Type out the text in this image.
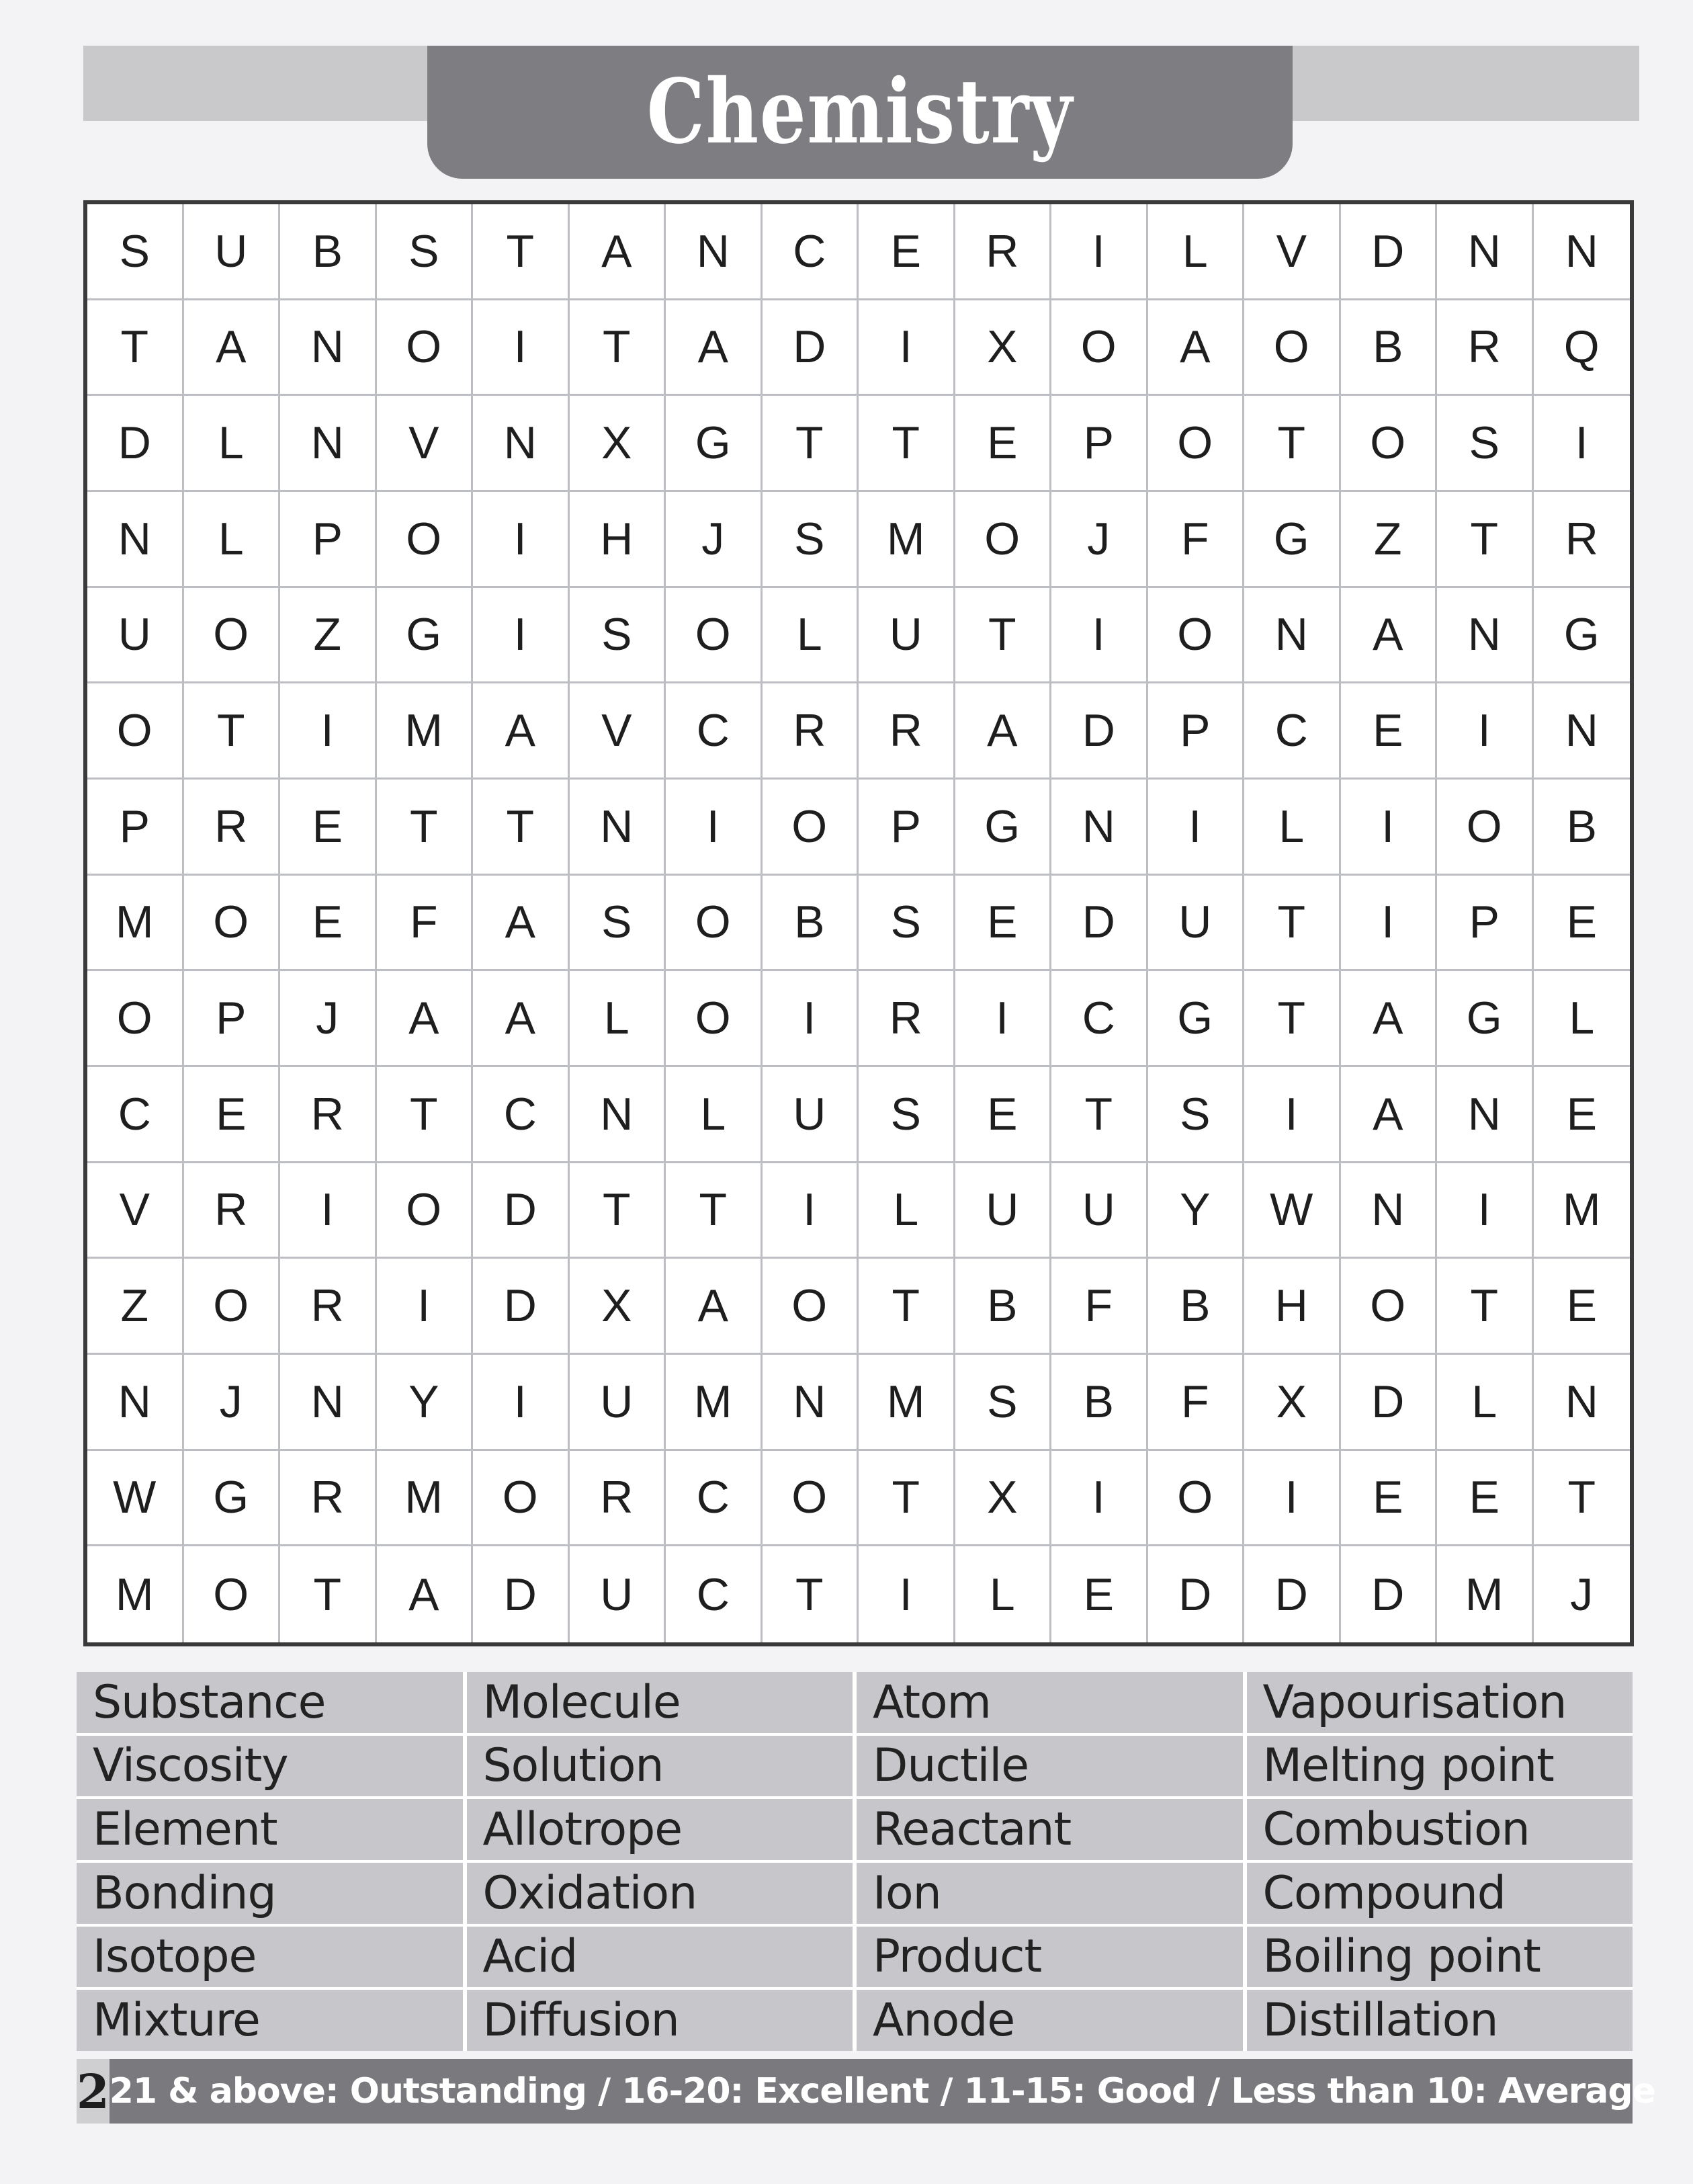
Chemistry
S	U	B	S	T	A	N	C	E	R	I	L	V	D	N	N
T	A	N	O	I	T	A	D	I	X	O	A	O	B	R	Q
D	L	N	V	N	X	G	T	T	E	P	O	T	O	S	I
N	L	P	O	I	H	J	S	M	O	J	F	G	Z	T	R
U	O	Z	G	I	S	O	L	U	T	I	O	N	A	N	G
O	T	I	M	A	V	C	R	R	A	D	P	C	E	I	N
P	R	E	T	T	N	I	O	P	G	N	I	L	I	O	B
M	O	E	F	A	S	O	B	S	E	D	U	T	I	P	E
O	P	J	A	A	L	O	I	R	I	C	G	T	A	G	L
C	E	R	T	C	N	L	U	S	E	T	S	I	A	N	E
V	R	I	O	D	T	T	I	L	U	U	Y	W	N	I	M
Z	O	R	I	D	X	A	O	T	B	F	B	H	O	T	E
N	J	N	Y	I	U	M	N	M	S	B	F	X	D	L	N
W	G	R	M	O	R	C	O	T	X	I	O	I	E	E	T
M	O	T	A	D	U	C	T	I	L	E	D	D	D	M	J
Substance	Molecule	Atom	Vapourisation
Viscosity	Solution	Ductile	Melting point
Element	Allotrope	Reactant	Combustion
Bonding	Oxidation	Ion	Compound
Isotope	Acid	Product	Boiling point
Mixture	Diffusion	Anode	Distillation
2 21 & above: Outstanding / 16-20: Excellent / 11-15: Good / Less than 10: Average
